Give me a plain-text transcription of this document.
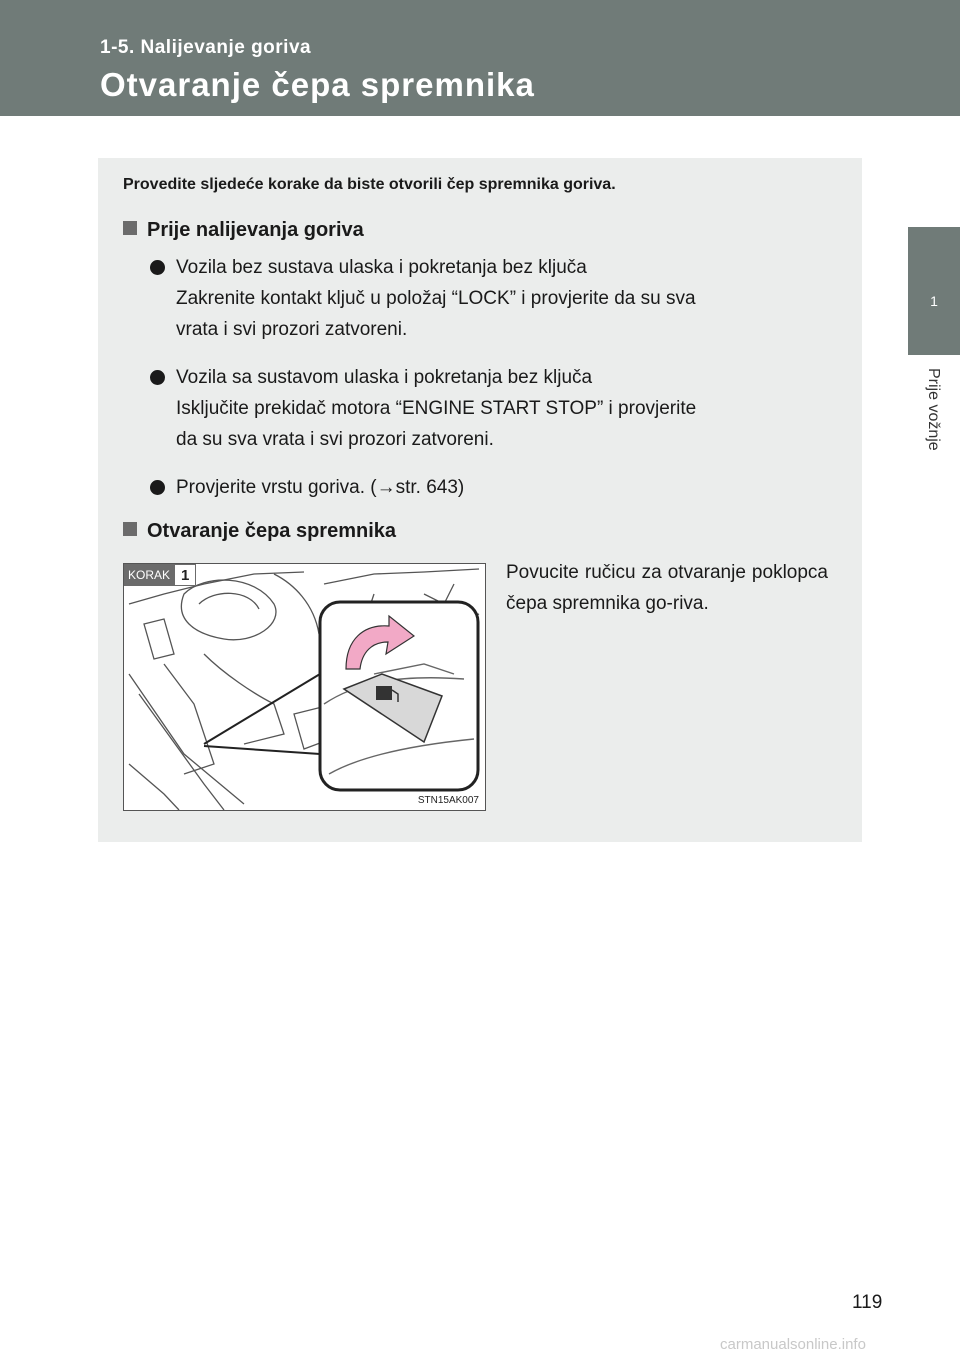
1-5. Nalijevanje goriva
Otvaranje čepa spremnika
1
Prije vožnje
Provedite sljedeće korake da biste otvorili čep spremnika goriva.
Prije nalijevanja goriva
Vozila bez sustava ulaska i pokretanja bez ključa
Zakrenite kontakt ključ u položaj “LOCK” i provjerite da su sva
vrata i svi prozori zatvoreni.
Vozila sa sustavom ulaska i pokretanja bez ključa
Isključite prekidač motora “ENGINE START STOP” i provjerite
da su sva vrata i svi prozori zatvoreni.
Provjerite vrstu goriva. (→str. 643)
Otvaranje čepa spremnika
KORAK 1
STN15AK007
Povucite ručicu za otvaranje poklopca čepa spremnika go-riva.
119
carmanualsonline.info
